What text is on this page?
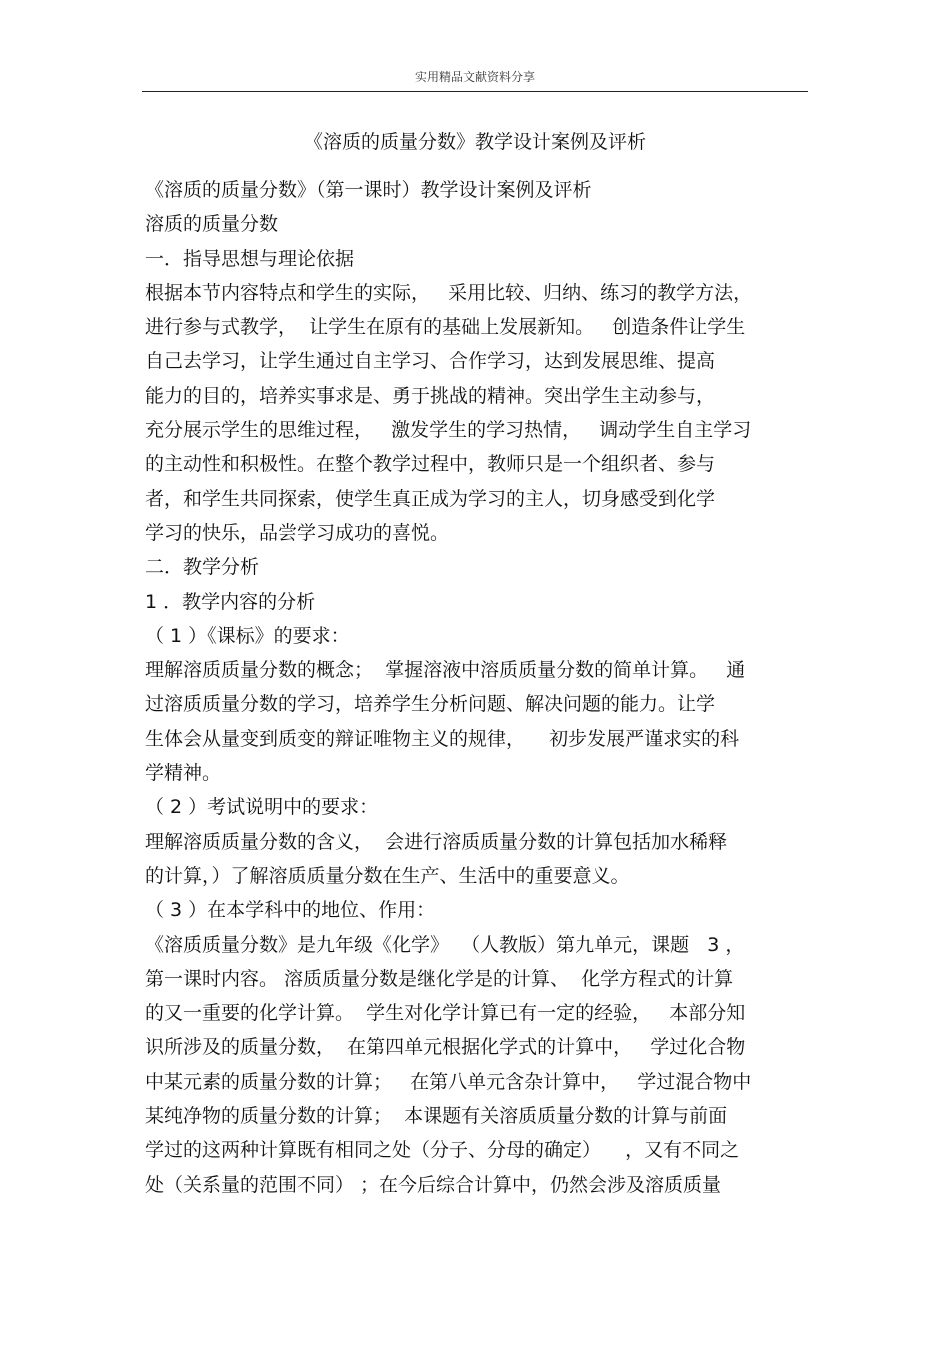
实用精品文献资料分享
《溶质的质量分数》教学设计案例及评析
《溶质的质量分数》（第一课时）教学设计案例及评析
溶质的质量分数
一．指导思想与理论依据
根据本节内容特点和学生的实际，   采用比较、归纳、练习的教学方法，
进行参与式教学，  让学生在原有的基础上发展新知。   创造条件让学生
自己去学习，让学生通过自主学习、合作学习，达到发展思维、提高
能力的目的，培养实事求是、勇于挑战的精神。突出学生主动参与，
充分展示学生的思维过程，   激发学生的学习热情，   调动学生自主学习
的主动性和积极性。在整个教学过程中，教师只是一个组织者、参与
者，和学生共同探索，使学生真正成为学习的主人，切身感受到化学
学习的快乐，品尝学习成功的喜悦。
二．教学分析
1 ．教学内容的分析
（ 1 ）《课标》的要求：
理解溶质质量分数的概念；  掌握溶液中溶质质量分数的简单计算。   通
过溶质质量分数的学习，培养学生分析问题、解决问题的能力。让学
生体会从量变到质变的辩证唯物主义的规律，    初步发展严谨求实的科
学精神。
（ 2 ）考试说明中的要求：
理解溶质质量分数的含义，  会进行溶质质量分数的计算包括加水稀释
的计算，）了解溶质质量分数在生产、生活中的重要意义。
（ 3 ）在本学科中的地位、作用：
《溶质质量分数》是九年级《化学》  （人教版）第九单元，课题   3 ，
第一课时内容。 溶质质量分数是继化学是的计算、  化学方程式的计算
的又一重要的化学计算。  学生对化学计算已有一定的经验，   本部分知
识所涉及的质量分数，  在第四单元根据化学式的计算中，   学过化合物
中某元素的质量分数的计算；   在第八单元含杂计算中，   学过混合物中
某纯净物的质量分数的计算；  本课题有关溶质质量分数的计算与前面
学过的这两种计算既有相同之处（分子、分母的确定）    ，又有不同之
处（关系量的范围不同） ；在今后综合计算中，仍然会涉及溶质质量
